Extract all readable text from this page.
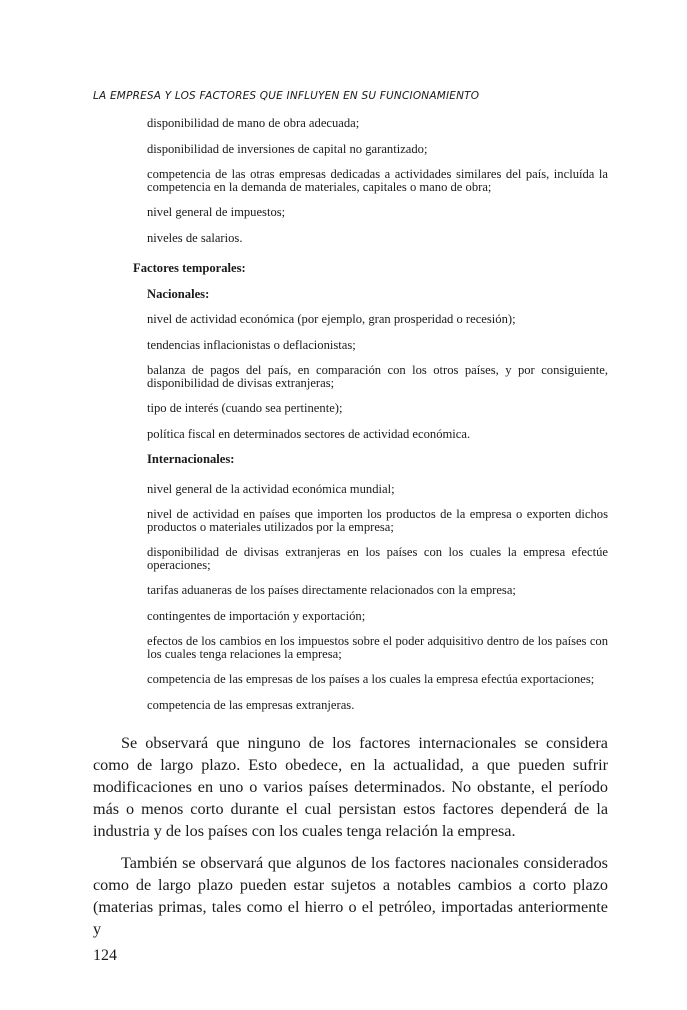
LA EMPRESA Y LOS FACTORES QUE INFLUYEN EN SU FUNCIONAMIENTO
disponibilidad de mano de obra adecuada;
disponibilidad de inversiones de capital no garantizado;
competencia de las otras empresas dedicadas a actividades similares del país, incluída la competencia en la demanda de materiales, capitales o mano de obra;
nivel general de impuestos;
niveles de salarios.
Factores temporales:
Nacionales:
nivel de actividad económica (por ejemplo, gran prosperidad o recesión);
tendencias inflacionistas o deflacionistas;
balanza de pagos del país, en comparación con los otros países, y por consiguiente, disponibilidad de divisas extranjeras;
tipo de interés (cuando sea pertinente);
política fiscal en determinados sectores de actividad económica.
Internacionales:
nivel general de la actividad económica mundial;
nivel de actividad en países que importen los productos de la empresa o exporten dichos productos o materiales utilizados por la empresa;
disponibilidad de divisas extranjeras en los países con los cuales la empresa efectúe operaciones;
tarifas aduaneras de los países directamente relacionados con la empresa;
contingentes de importación y exportación;
efectos de los cambios en los impuestos sobre el poder adquisitivo dentro de los países con los cuales tenga relaciones la empresa;
competencia de las empresas de los países a los cuales la empresa efectúa exportaciones;
competencia de las empresas extranjeras.
Se observará que ninguno de los factores internacionales se considera como de largo plazo. Esto obedece, en la actualidad, a que pueden sufrir modificaciones en uno o varios países determinados. No obstante, el período más o menos corto durante el cual persistan estos factores dependerá de la industria y de los países con los cuales tenga relación la empresa.
También se observará que algunos de los factores nacionales considerados como de largo plazo pueden estar sujetos a notables cambios a corto plazo (materias primas, tales como el hierro o el petróleo, importadas anteriormente y
124
